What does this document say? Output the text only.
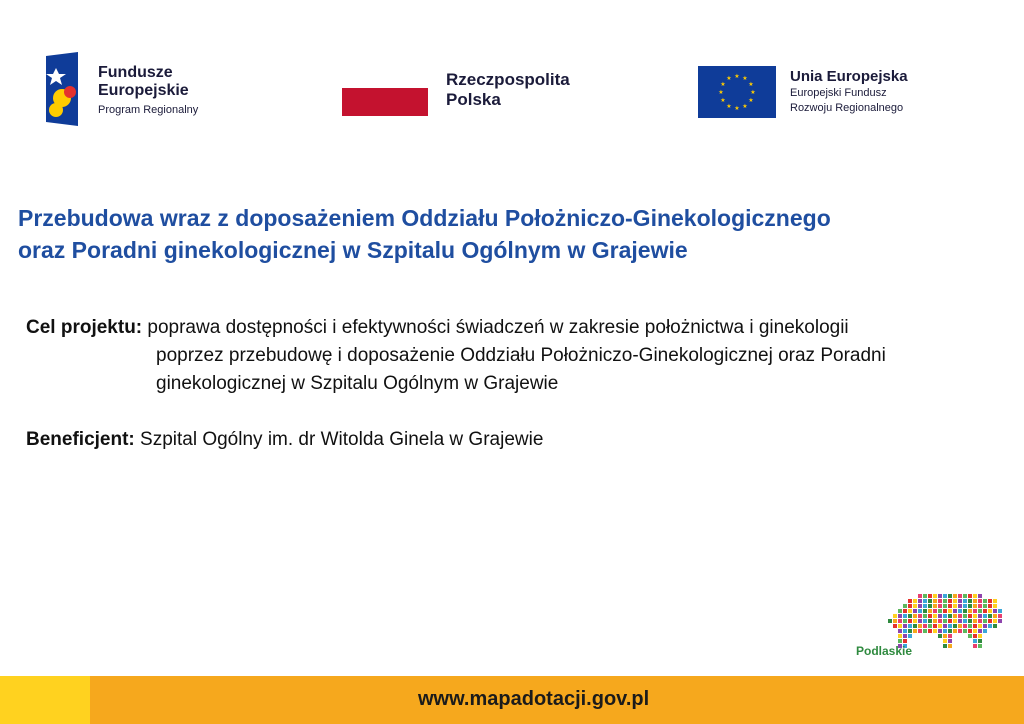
Fundusze
Europejskie
Program Regionalny
Rzeczpospolita
Polska
★ ★
★
★
★
★
★
★
★
★
★
★	Unia Europejska
Europejski Fundusz
Rozwoju Regionalnego
Przebudowa wraz z doposażeniem Oddziału Położniczo-Ginekologicznego
oraz Poradni ginekologicznej w Szpitalu Ogólnym w Grajewie
Cel projektu: poprawa dostępności i efektywności świadczeń w zakresie położnictwa i ginekologii
poprzez przebudowę i doposażenie Oddziału Położniczo-Ginekologicznej oraz Poradni
ginekologicznej w Szpitalu Ogólnym w Grajewie
Beneficjent: Szpital Ogólny im. dr Witolda Ginela w Grajewie
Podlaskie
www.mapadotacji.gov.pl
